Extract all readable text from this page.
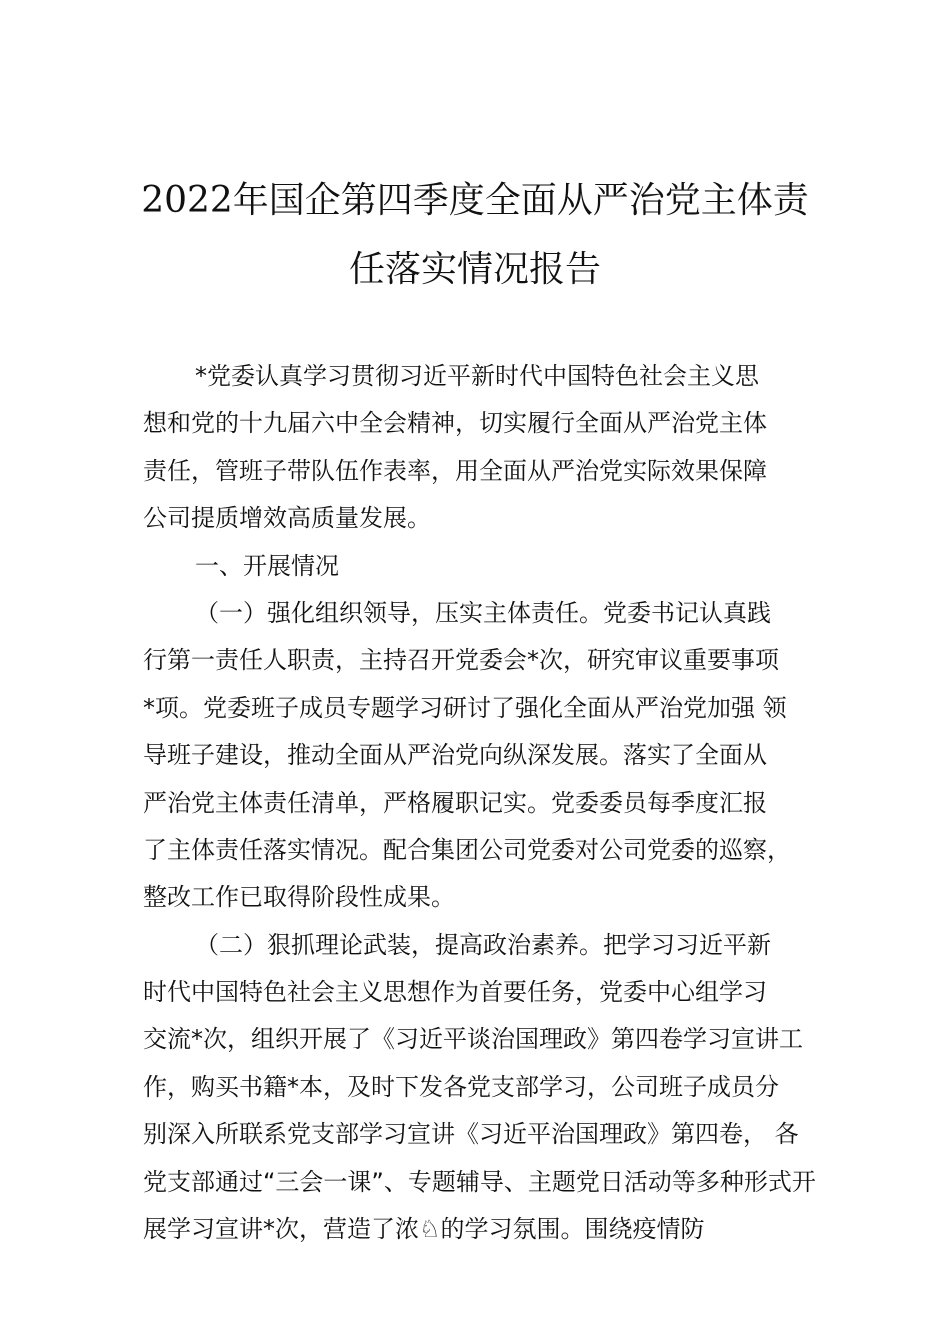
2022年国企第四季度全面从严治党主体责
任落实情况报告
*党委认真学习贯彻习近平新时代中国特色社会主义思
想和党的十九届六中全会精神，切实履行全面从严治党主体
责任，管班子带队伍作表率，用全面从严治党实际效果保障
公司提质增效高质量发展。
一、开展情况
（一）强化组织领导，压实主体责任。党委书记认真践
行第一责任人职责，主持召开党委会*次，研究审议重要事项
*项。党委班子成员专题学习研讨了强化全面从严治党加强 领
导班子建设，推动全面从严治党向纵深发展。落实了全面从
严治党主体责任清单，严格履职记实。党委委员每季度汇报
了主体责任落实情况。配合集团公司党委对公司党委的巡察，
整改工作已取得阶段性成果。
（二）狠抓理论武装，提高政治素养。把学习习近平新
时代中国特色社会主义思想作为首要任务，党委中心组学习
交流*次，组织开展了《习近平谈治国理政》第四卷学习宣讲工
作，购买书籍*本，及时下发各党支部学习，公司班子成员分
别深入所联系党支部学习宣讲《习近平治国理政》第四卷， 各
党支部通过“三会一课”、专题辅导、主题党日活动等多种形式开
展学习宣讲*次，营造了浓♘的学习氛围。围绕疫情防
